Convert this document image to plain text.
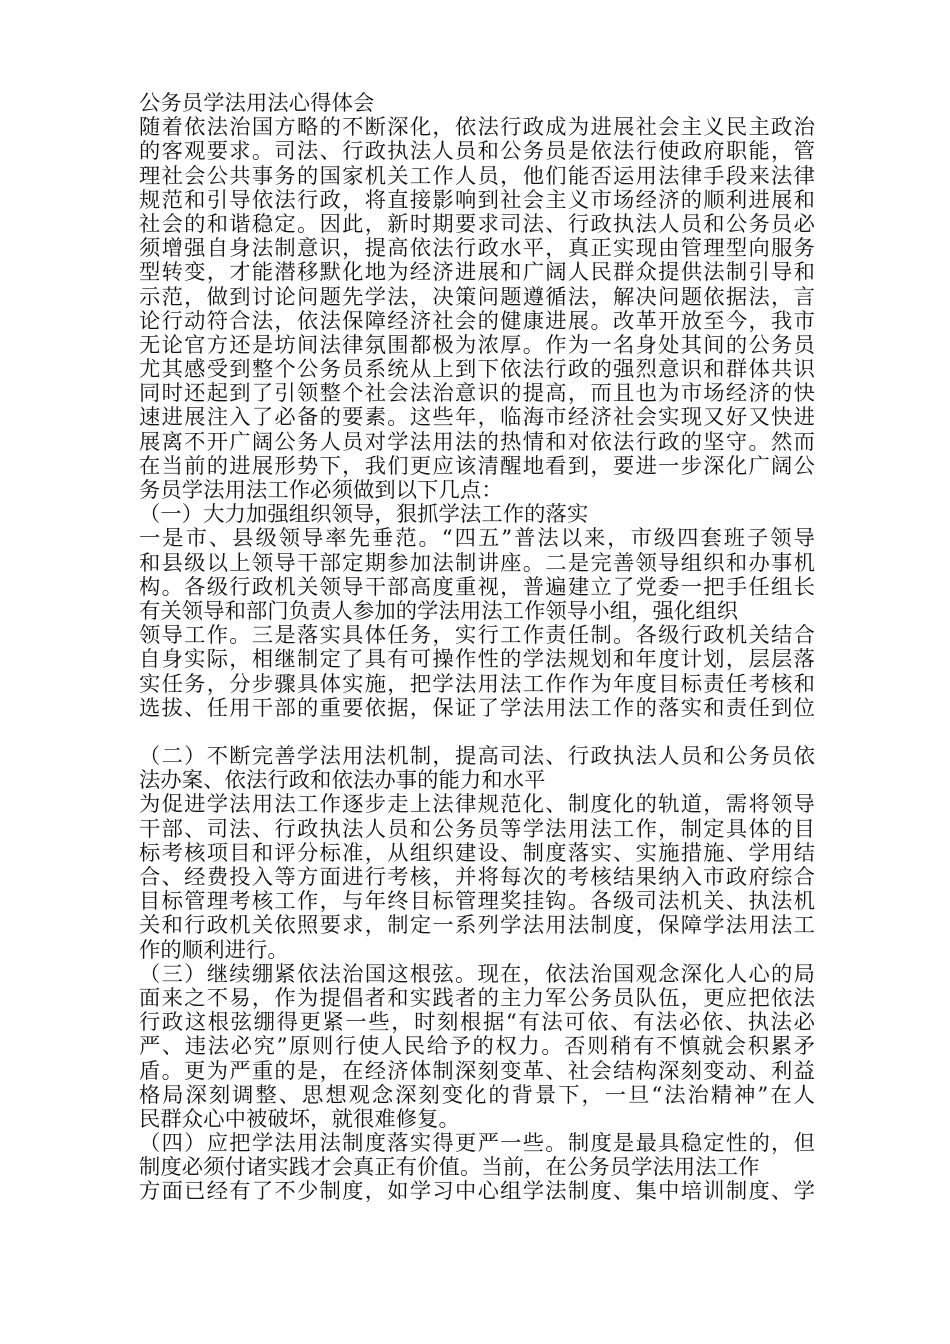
公务员学法用法心得体会
随着依法治国方略的不断深化，依法行政成为进展社会主义民主政治
的客观要求。司法、行政执法人员和公务员是依法行使政府职能，管
理社会公共事务的国家机关工作人员，他们能否运用法律手段来法律
规范和引导依法行政，将直接影响到社会主义市场经济的顺利进展和
社会的和谐稳定。因此，新时期要求司法、行政执法人员和公务员必
须增强自身法制意识，提高依法行政水平，真正实现由管理型向服务
型转变，才能潜移默化地为经济进展和广阔人民群众提供法制引导和
示范，做到讨论问题先学法，决策问题遵循法，解决问题依据法，言
论行动符合法，依法保障经济社会的健康进展。改革开放至今，我市
无论官方还是坊间法律氛围都极为浓厚。作为一名身处其间的公务员
尤其感受到整个公务员系统从上到下依法行政的强烈意识和群体共识
同时还起到了引领整个社会法治意识的提高，而且也为市场经济的快
速进展注入了必备的要素。这些年，临海市经济社会实现又好又快进
展离不开广阔公务人员对学法用法的热情和对依法行政的坚守。然而
在当前的进展形势下，我们更应该清醒地看到，要进一步深化广阔公
务员学法用法工作必须做到以下几点：
（一）大力加强组织领导，狠抓学法工作的落实
一是市、县级领导率先垂范。“四五”普法以来，市级四套班子领导
和县级以上领导干部定期参加法制讲座。二是完善领导组织和办事机
构。各级行政机关领导干部高度重视，普遍建立了党委一把手任组长
有关领导和部门负责人参加的学法用法工作领导小组，强化组织
领导工作。三是落实具体任务，实行工作责任制。各级行政机关结合
自身实际，相继制定了具有可操作性的学法规划和年度计划，层层落
实任务，分步骤具体实施，把学法用法工作作为年度目标责任考核和
选拔、任用干部的重要依据，保证了学法用法工作的落实和责任到位
（二）不断完善学法用法机制，提高司法、行政执法人员和公务员依
法办案、依法行政和依法办事的能力和水平
为促进学法用法工作逐步走上法律规范化、制度化的轨道，需将领导
干部、司法、行政执法人员和公务员等学法用法工作，制定具体的目
标考核项目和评分标准，从组织建设、制度落实、实施措施、学用结
合、经费投入等方面进行考核，并将每次的考核结果纳入市政府综合
目标管理考核工作，与年终目标管理奖挂钩。各级司法机关、执法机
关和行政机关依照要求，制定一系列学法用法制度，保障学法用法工
作的顺利进行。
（三）继续绷紧依法治国这根弦。现在，依法治国观念深化人心的局
面来之不易，作为提倡者和实践者的主力军公务员队伍，更应把依法
行政这根弦绷得更紧一些，时刻根据“有法可依、有法必依、执法必
严、违法必究”原则行使人民给予的权力。否则稍有不慎就会积累矛
盾。更为严重的是，在经济体制深刻变革、社会结构深刻变动、利益
格局深刻调整、思想观念深刻变化的背景下，一旦“法治精神”在人
民群众心中被破坏，就很难修复。
（四）应把学法用法制度落实得更严一些。制度是最具稳定性的，但
制度必须付诸实践才会真正有价值。当前，在公务员学法用法工作
方面已经有了不少制度，如学习中心组学法制度、集中培训制度、学
